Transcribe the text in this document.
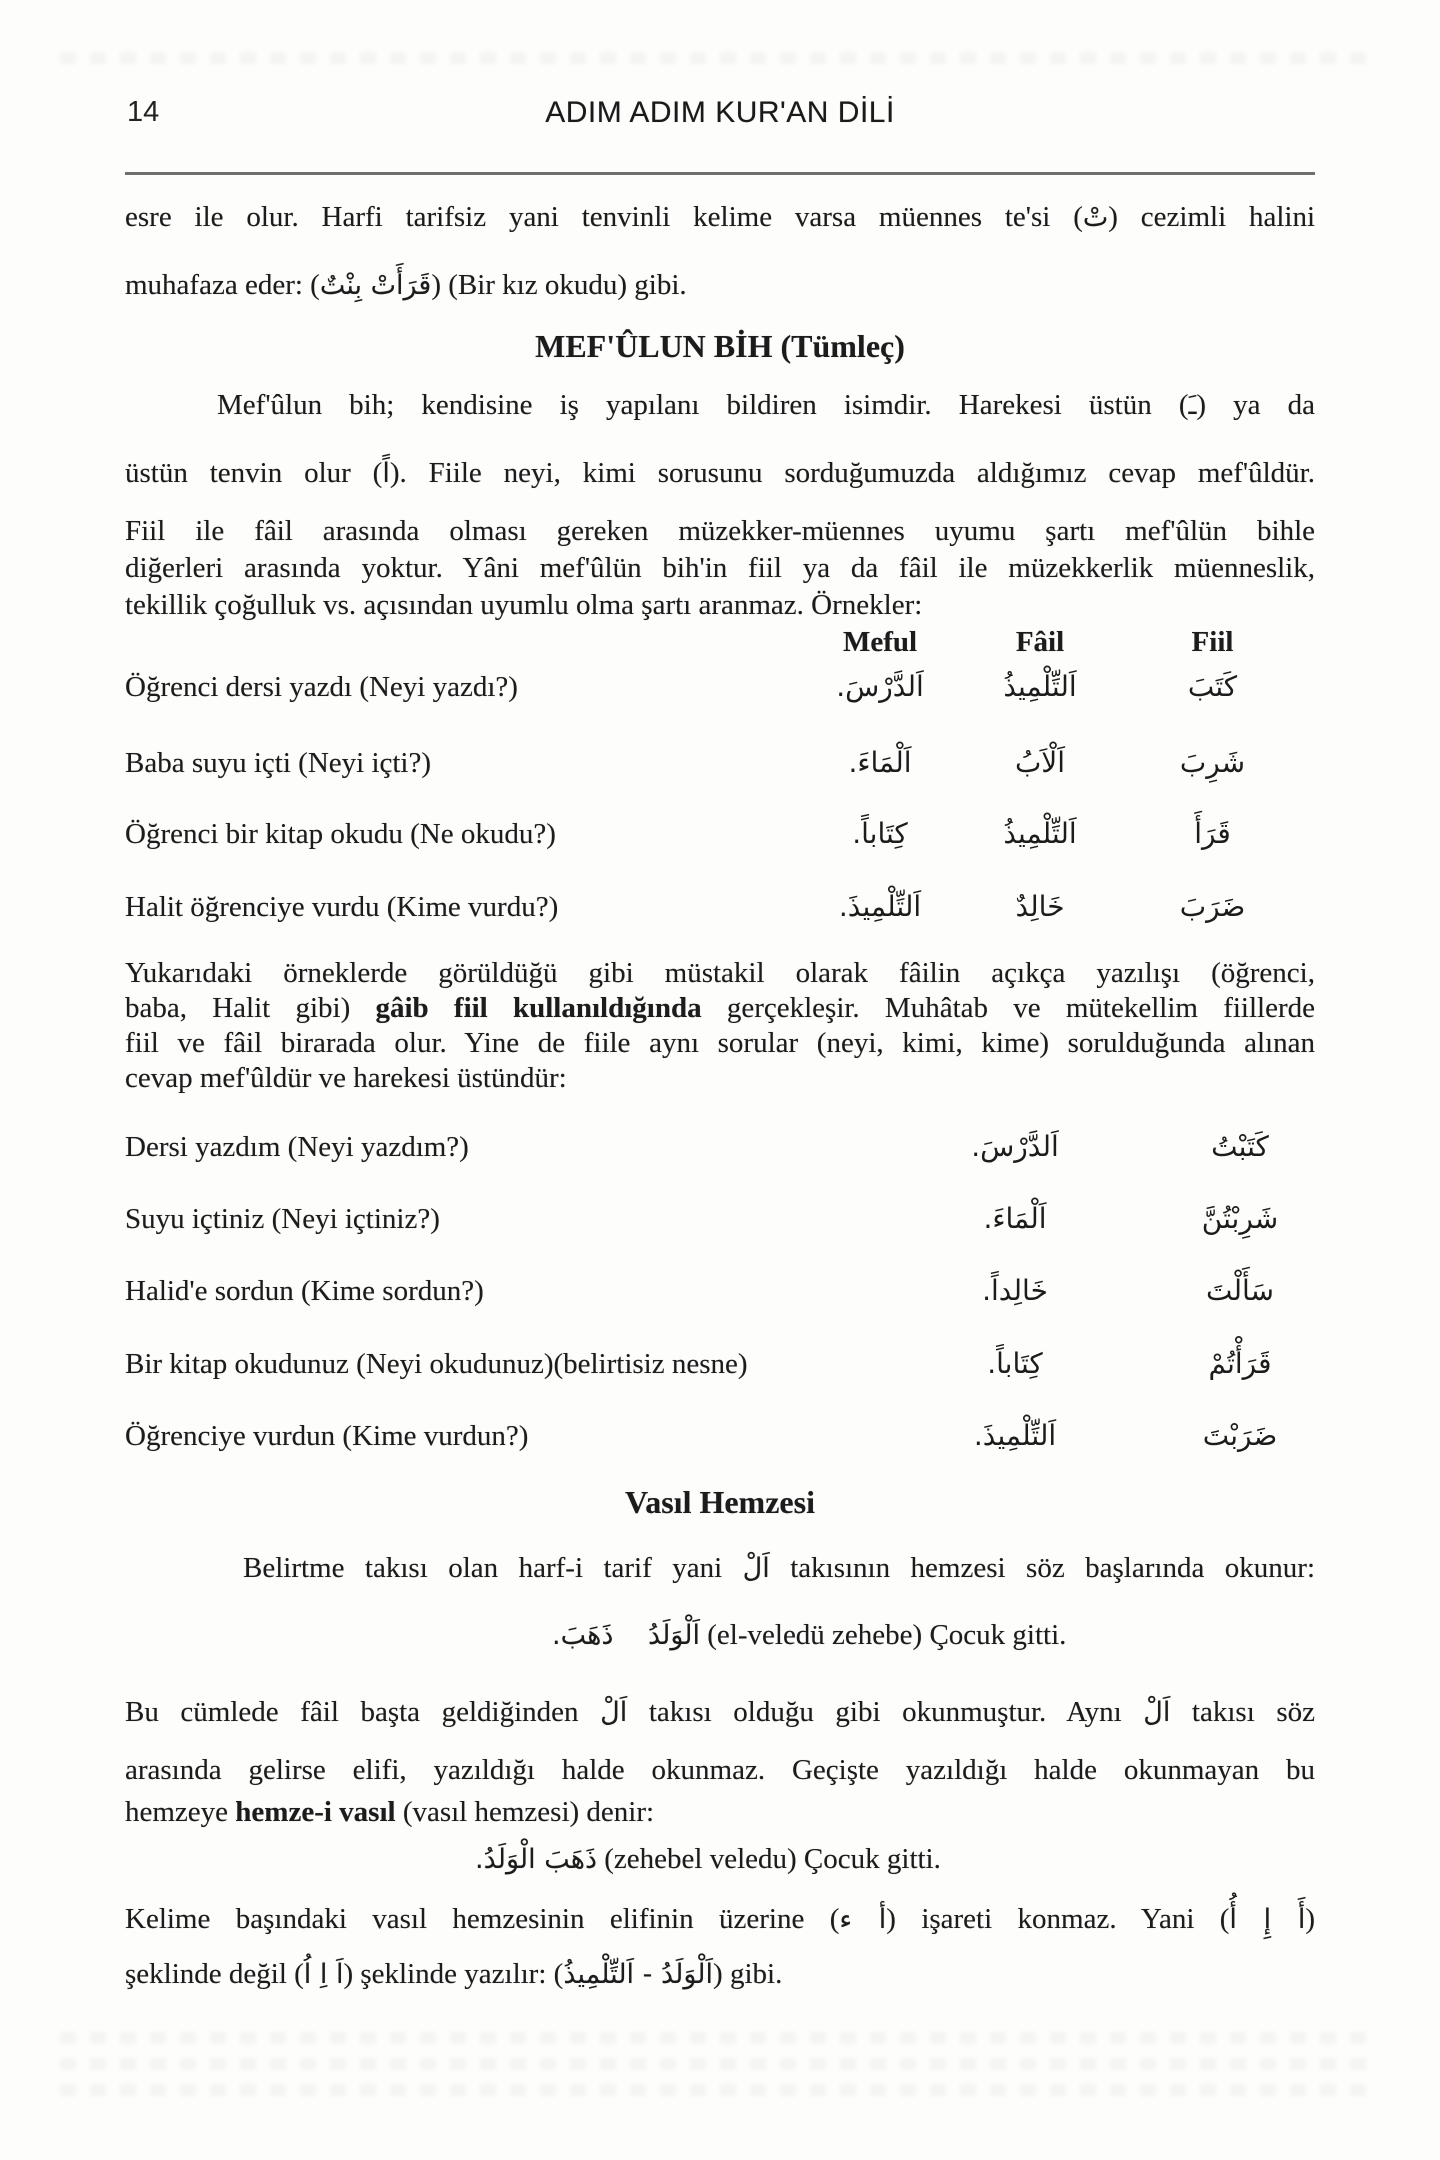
14	ADIM ADIM KUR'AN DİLİ
esre ile olur. Harfi tarifsiz yani tenvinli kelime varsa müennes te'si (تْ) cezimli halini
muhafaza eder: (قَرَأَتْ بِنْتٌ) (Bir kız okudu) gibi.
MEF'ÛLUN BİH (Tümleç)
Mef'ûlun bih; kendisine iş yapılanı bildiren isimdir. Harekesi üstün (ـَ) ya da
üstün tenvin olur (اً). Fiile neyi, kimi sorusunu sorduğumuzda aldığımız cevap mef'ûldür.
Fiil ile fâil arasında olması gereken müzekker-müennes uyumu şartı mef'ûlün bihle
diğerleri arasında yoktur. Yâni mef'ûlün bih'in fiil ya da fâil ile müzekkerlik müenneslik,
tekillik çoğulluk vs. açısından uyumlu olma şartı aranmaz. Örnekler:
Meful	Fâil	Fiil
Öğrenci dersi yazdı (Neyi yazdı?)	اَلدَّرْسَ.	اَلتِّلْمِيذُ	كَتَبَ
Baba suyu içti (Neyi içti?)	اَلْمَاءَ.	اَلْاَبُ	شَرِبَ
Öğrenci bir kitap okudu (Ne okudu?)	كِتَاباً.	اَلتِّلْمِيذُ	قَرَأَ
Halit öğrenciye vurdu (Kime vurdu?)	اَلتِّلْمِيذَ.	خَالِدٌ	ضَرَبَ
Yukarıdaki örneklerde görüldüğü gibi müstakil olarak fâilin açıkça yazılışı (öğrenci,
baba, Halit gibi) gâib fiil kullanıldığında gerçekleşir. Muhâtab ve mütekellim fiillerde
fiil ve fâil birarada olur. Yine de fiile aynı sorular (neyi, kimi, kime) sorulduğunda alınan
cevap mef'ûldür ve harekesi üstündür:
Dersi yazdım (Neyi yazdım?)	اَلدَّرْسَ.	كَتَبْتُ
Suyu içtiniz (Neyi içtiniz?)	اَلْمَاءَ.	شَرِبْتُنَّ
Halid'e sordun (Kime sordun?)	خَالِداً.	سَأَلْتَ
Bir kitap okudunuz (Neyi okudunuz)(belirtisiz nesne)	كِتَاباً.	قَرَأْتُمْ
Öğrenciye vurdun (Kime vurdun?)	اَلتِّلْمِيذَ.	ضَرَبْتَ
Vasıl Hemzesi
Belirtme takısı olan harf-i tarif yani اَلْ takısının hemzesi söz başlarında okunur:
اَلْوَلَدُ ذَهَبَ. (el-veledü zehebe) Çocuk gitti.
Bu cümlede fâil başta geldiğinden اَلْ takısı olduğu gibi okunmuştur. Aynı اَلْ takısı söz
arasında gelirse elifi, yazıldığı halde okunmaz. Geçişte yazıldığı halde okunmayan bu
hemzeye hemze-i vasıl (vasıl hemzesi) denir:
ذَهَبَ الْوَلَدُ. (zehebel veledu) Çocuk gitti.
Kelime başındaki vasıl hemzesinin elifinin üzerine (أ ء) işareti konmaz. Yani (أَ إِ أُ)
şeklinde değil (اَ اِ اُ) şeklinde yazılır: (اَلْوَلَدُ - اَلتِّلْمِيذُ) gibi.
